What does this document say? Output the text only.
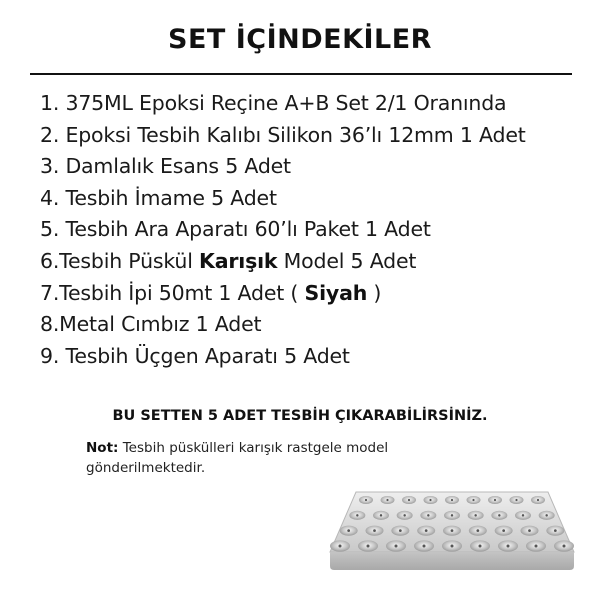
SET İÇİNDEKİLER
1. 375ML Epoksi Reçine A+B Set 2/1 Oranında
2. Epoksi Tesbih Kalıbı Silikon 36’lı 12mm 1 Adet
3. Damlalık Esans 5 Adet
4. Tesbih İmame 5 Adet
5. Tesbih Ara Aparatı 60’lı Paket 1 Adet
6.Tesbih Püskül Karışık Model 5 Adet
7.Tesbih İpi 50mt 1 Adet ( Siyah )
8.Metal Cımbız 1 Adet
9. Tesbih Üçgen Aparatı 5 Adet
BU SETTEN 5 ADET TESBİH ÇIKARABİLİRSİNİZ.
Not: Tesbih püskülleri karışık rastgele model gönderilmektedir.
